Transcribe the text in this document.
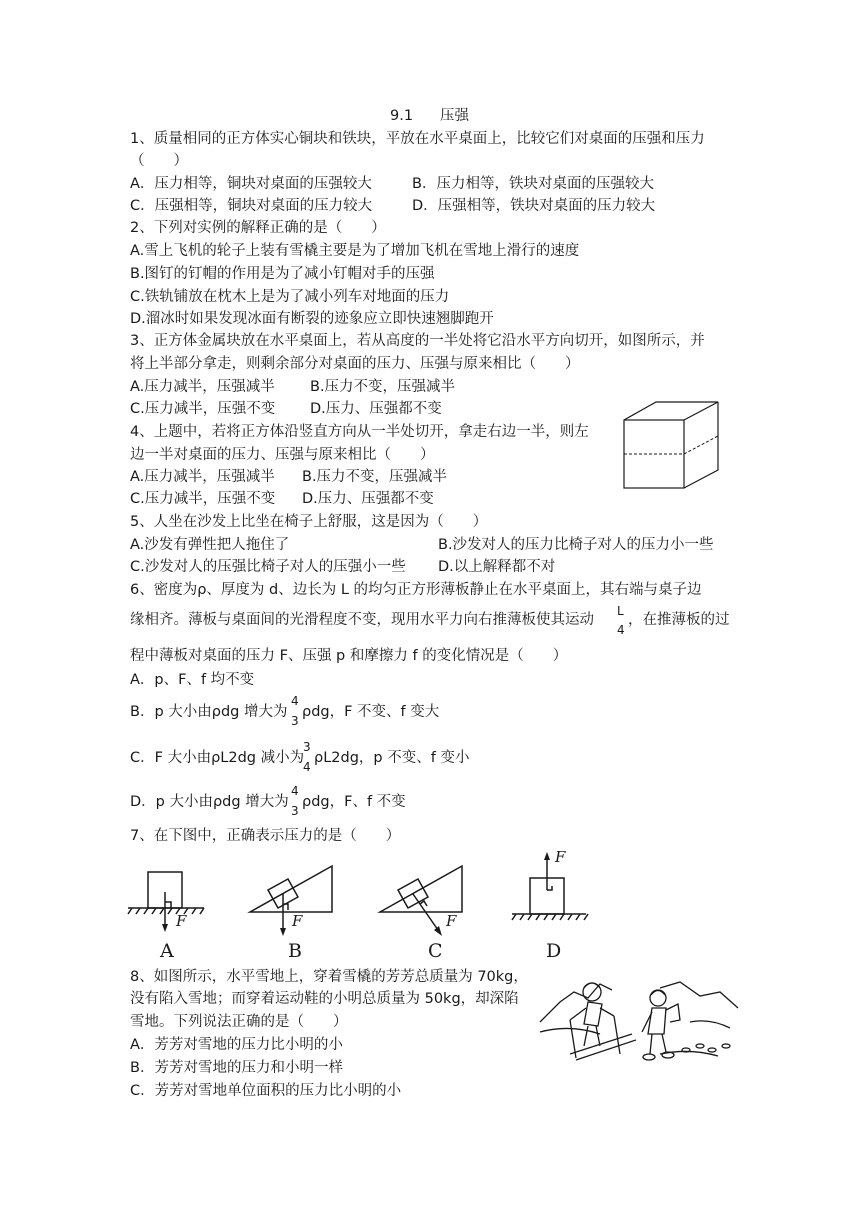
9.1 压强
1、质量相同的正方体实心铜块和铁块，平放在水平桌面上，比较它们对桌面的压强和压力
（　　）
A．压力相等，铜块对桌面的压强较大	B．压力相等，铁块对桌面的压强较大
C．压强相等，铜块对桌面的压力较大	D．压强相等，铁块对桌面的压力较大
2、下列对实例的解释正确的是（　　）
A.雪上飞机的轮子上装有雪橇主要是为了增加飞机在雪地上滑行的速度
B.图钉的钉帽的作用是为了减小钉帽对手的压强
C.铁轨铺放在枕木上是为了减小列车对地面的压力
D.溜冰时如果发现冰面有断裂的迹象应立即快速翘脚跑开
3、正方体金属块放在水平桌面上，若从高度的一半处将它沿水平方向切开，如图所示，并
将上半部分拿走，则剩余部分对桌面的压力、压强与原来相比（　　）
A.压力减半，压强减半 B.压力不变，压强减半
C.压力减半，压强不变 D.压力、压强都不变
4、上题中，若将正方体沿竖直方向从一半处切开，拿走右边一半，则左
边一半对桌面的压力、压强与原来相比（　　）
A.压力减半，压强减半 B.压力不变，压强减半
C.压力减半，压强不变 D.压力、压强都不变
5、人坐在沙发上比坐在椅子上舒服，这是因为（　　）
A.沙发有弹性把人拖住了	B.沙发对人的压力比椅子对人的压力小一些
C.沙发对人的压强比椅子对人的压强小一些 D.以上解释都不对
6、密度为ρ、厚度为 d、边长为 L 的均匀正方形薄板静止在水平桌面上，其右端与桌子边
缘相齐。薄板与桌面间的光滑程度不变，现用水平力向右推薄板使其运动
L
4
，在推薄板的过
程中薄板对桌面的压力 F、压强 p 和摩擦力 f 的变化情况是（　　）
A．p、F、f 均不变
B．p 大小由ρdg 增大为
4
3
ρdg，F 不变、f 变大
C．F 大小由ρL2dg 减小为
3
4
ρL2dg，p 不变、f 变小
D．p 大小由ρdg 增大为
4
3
ρdg，F、f 不变
7、在下图中，正确表示压力的是（　　）
F
A
F
B
F
C
F
D
8、如图所示，水平雪地上，穿着雪橇的芳芳总质量为 70kg，
没有陷入雪地；而穿着运动鞋的小明总质量为 50kg，却深陷
雪地。下列说法正确的是（　　）
A．芳芳对雪地的压力比小明的小
B．芳芳对雪地的压力和小明一样
C．芳芳对雪地单位面积的压力比小明的小
